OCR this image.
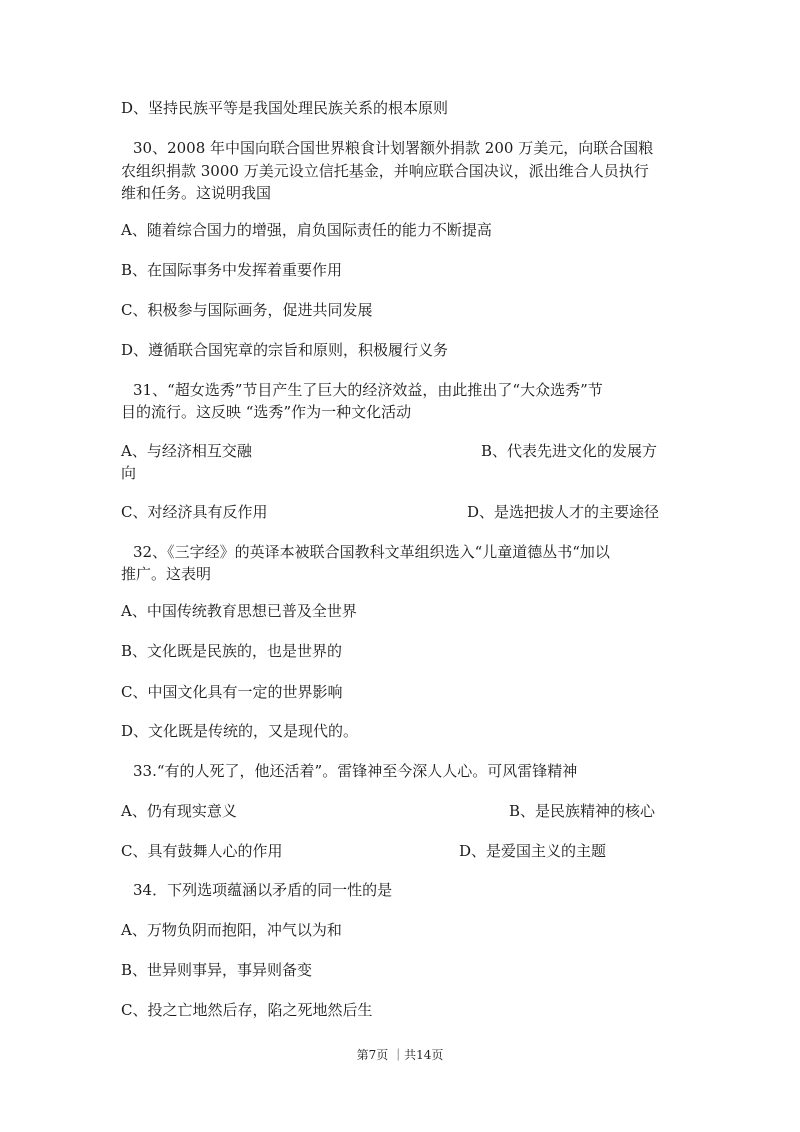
D、坚持民族平等是我国处理民族关系的根本原则
30、2008 年中国向联合国世界粮食计划署额外捐款 200 万美元，向联合国粮
农组织捐款 3000 万美元设立信托基金，并响应联合国决议，派出维合人员执行
维和任务。这说明我国
A、随着综合国力的增强，肩负国际责任的能力不断提高
B、在国际事务中发挥着重要作用
C、积极参与国际画务，促进共同发展
D、遵循联合国宪章的宗旨和原则，积极履行义务
31、“超女选秀”节目产生了巨大的经济效益，由此推出了“大众选秀”节
目的流行。这反映 “选秀”作为一种文化活动
A、与经济相互交融	B、代表先进文化的发展方
向
C、对经济具有反作用	D、是选把拔人才的主要途径
32、《三字经》的英译本被联合国教科文革组织选入“儿童道德丛书“加以
推广。这表明
A、中国传统教育思想已普及全世界
B、文化既是民族的，也是世界的
C、中国文化具有一定的世界影响
D、文化既是传统的，又是现代的。
33.“有的人死了，他还活着”。雷锋神至今深人人心。可风雷锋精神
A、仍有现实意义	B、是民族精神的核心
C、具有鼓舞人心的作用	D、是爱国主义的主题
34．下列选项蕴涵以矛盾的同一性的是
A、万物负阴而抱阳，冲气以为和
B、世异则事异，事异则备变
C、投之亡地然后存，陷之死地然后生
第7页 ｜共14页
